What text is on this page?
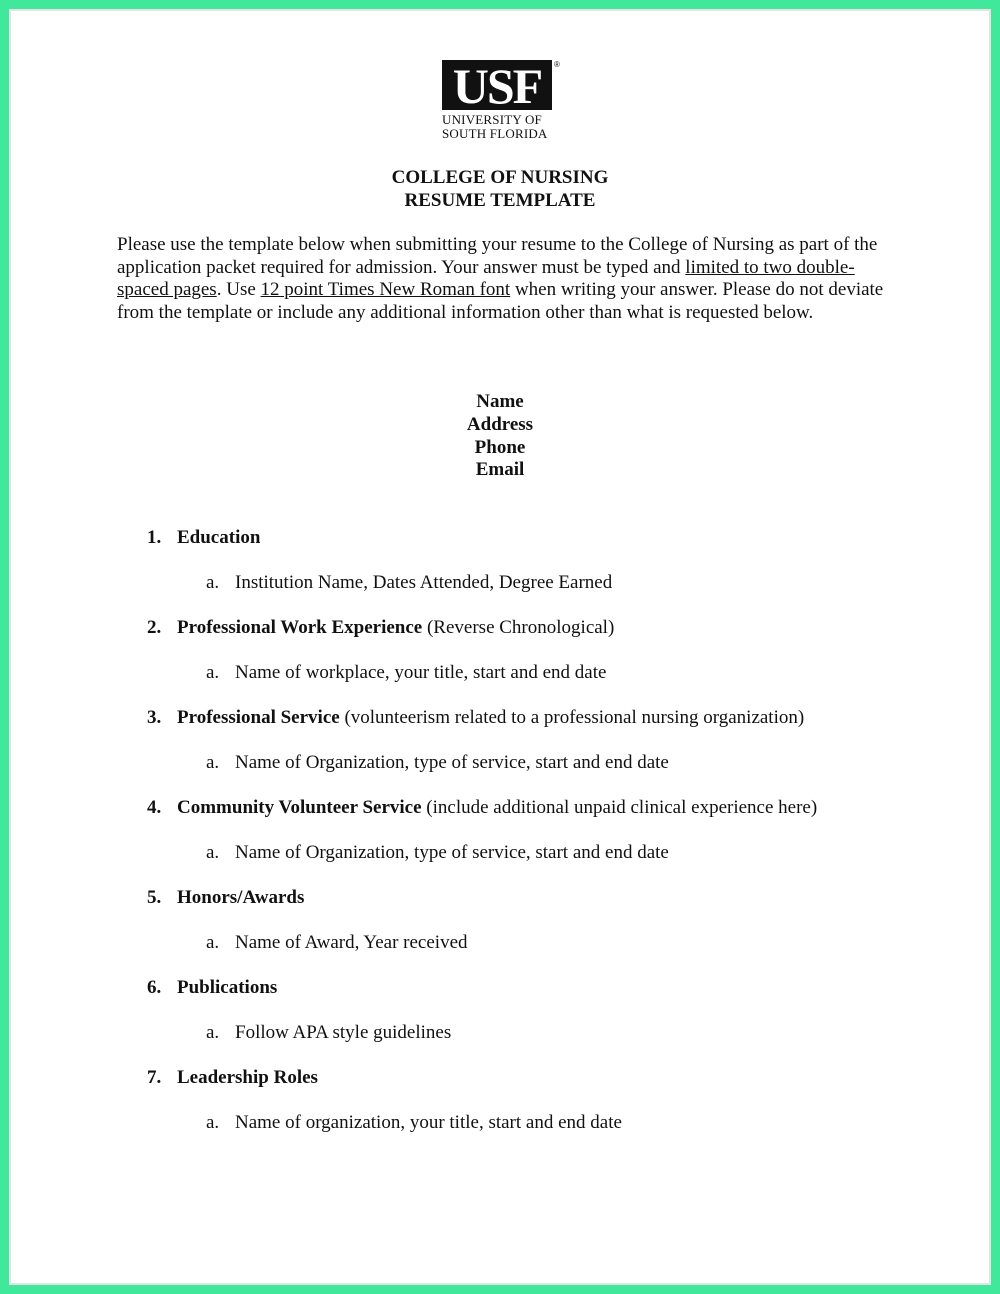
USF	®
UNIVERSITY OF
SOUTH FLORIDA
COLLEGE OF NURSING
RESUME TEMPLATE
Please use the template below when submitting your resume to the College of Nursing as part of the application packet required for admission. Your answer must be typed and limited to two double-spaced pages. Use 12 point Times New Roman font when writing your answer. Please do not deviate from the template or include any additional information other than what is requested below.
Name
Address
Phone
Email
1. Education
a. Institution Name, Dates Attended, Degree Earned
2. Professional Work Experience (Reverse Chronological)
a. Name of workplace, your title, start and end date
3. Professional Service (volunteerism related to a professional nursing organization)
a. Name of Organization, type of service, start and end date
4. Community Volunteer Service (include additional unpaid clinical experience here)
a. Name of Organization, type of service, start and end date
5. Honors/Awards
a. Name of Award, Year received
6. Publications
a. Follow APA style guidelines
7. Leadership Roles
a. Name of organization, your title, start and end date
